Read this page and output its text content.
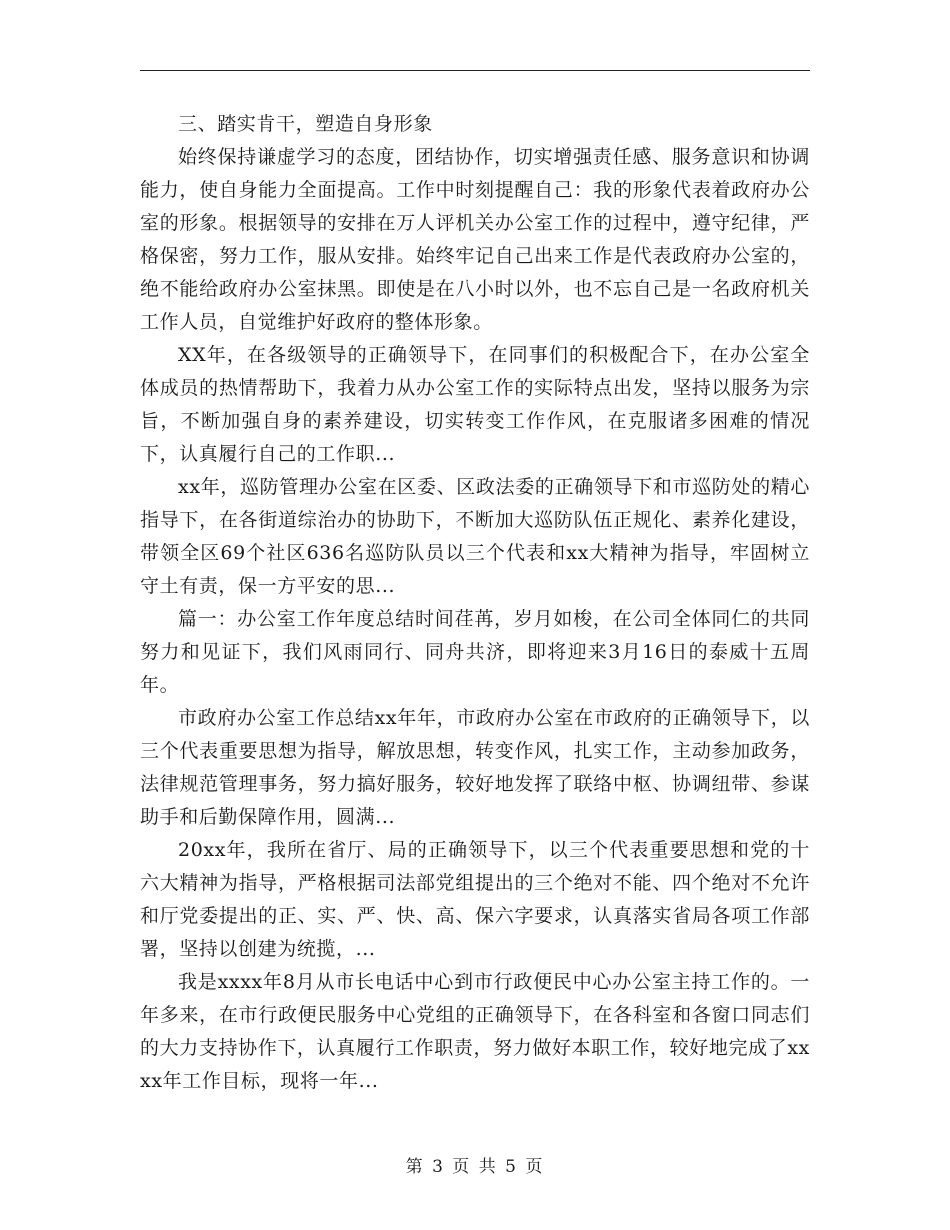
三、踏实肯干，塑造自身形象

始终保持谦虚学习的态度，团结协作，切实增强责任感、服务意识和协调能力，使自身能力全面提高。工作中时刻提醒自己：我的形象代表着政府办公室的形象。根据领导的安排在万人评机关办公室工作的过程中，遵守纪律，严格保密，努力工作，服从安排。始终牢记自己出来工作是代表政府办公室的，绝不能给政府办公室抹黑。即使是在八小时以外，也不忘自己是一名政府机关工作人员，自觉维护好政府的整体形象。

XX年，在各级领导的正确领导下，在同事们的积极配合下，在办公室全体成员的热情帮助下，我着力从办公室工作的实际特点出发，坚持以服务为宗旨，不断加强自身的素养建设，切实转变工作作风，在克服诸多困难的情况下，认真履行自己的工作职...

xx年，巡防管理办公室在区委、区政法委的正确领导下和市巡防处的精心指导下，在各街道综治办的协助下，不断加大巡防队伍正规化、素养化建设，带领全区69个社区636名巡防队员以三个代表和xx大精神为指导，牢固树立守土有责，保一方平安的思...

篇一：办公室工作年度总结时间荏苒，岁月如梭，在公司全体同仁的共同努力和见证下，我们风雨同行、同舟共济，即将迎来3月16日的泰威十五周年。

市政府办公室工作总结xx年年，市政府办公室在市政府的正确领导下，以三个代表重要思想为指导，解放思想，转变作风，扎实工作，主动参加政务，法律规范管理事务，努力搞好服务，较好地发挥了联络中枢、协调纽带、参谋助手和后勤保障作用，圆满...

20xx年，我所在省厅、局的正确领导下，以三个代表重要思想和党的十六大精神为指导，严格根据司法部党组提出的三个绝对不能、四个绝对不允许和厅党委提出的正、实、严、快、高、保六字要求，认真落实省局各项工作部署，坚持以创建为统揽，...

我是xxxx年8月从市长电话中心到市行政便民中心办公室主持工作的。一年多来，在市行政便民服务中心党组的正确领导下，在各科室和各窗口同志们的大力支持协作下，认真履行工作职责，努力做好本职工作，较好地完成了xxxx年工作目标，现将一年...

第 3 页 共 5 页
